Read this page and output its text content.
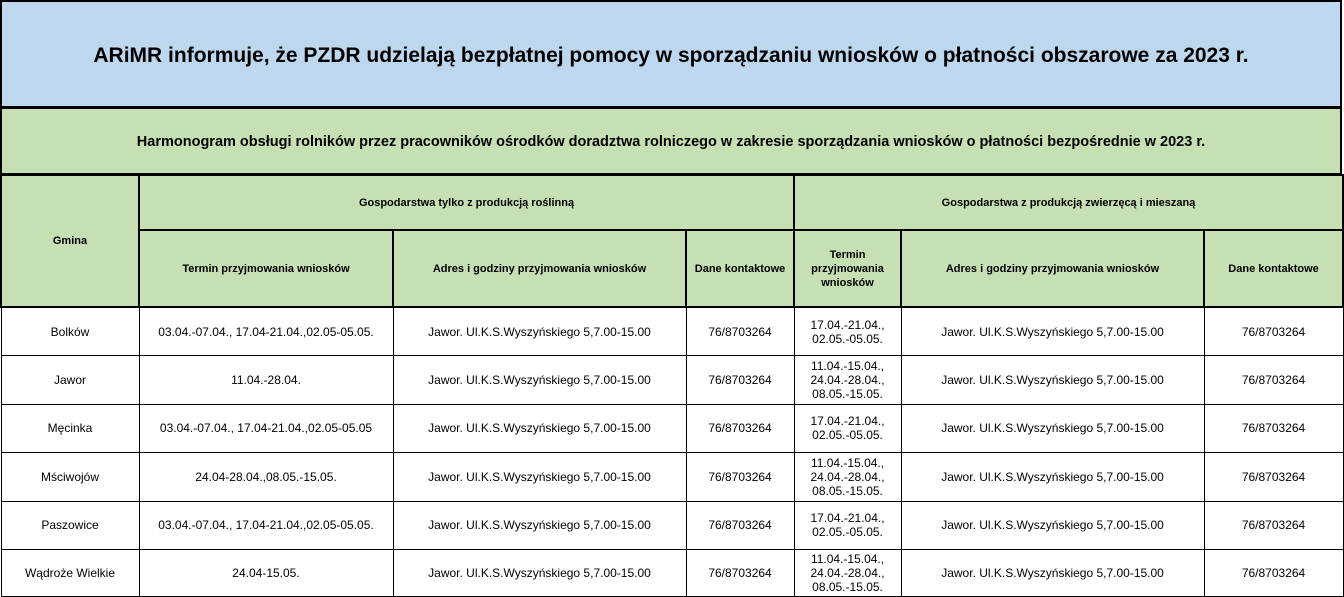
ARiMR informuje, że PZDR udzielają bezpłatnej pomocy w sporządzaniu wniosków o płatności obszarowe za 2023 r.
Harmonogram obsługi rolników przez pracowników ośrodków doradztwa rolniczego w zakresie sporządzania wniosków o płatności bezpośrednie w 2023 r.
Gmina	Gospodarstwa tylko z produkcją roślinną			Gospodarstwa z produkcją zwierzęcą i mieszaną		
	Termin przyjmowania wniosków	Adres i godziny przyjmowania wniosków	Dane kontaktowe	Termin przyjmowania wniosków	Adres i godziny przyjmowania wniosków	Dane kontaktowe
Bolków	03.04.-07.04., 17.04-21.04.,02.05-05.05.	Jawor. Ul.K.S.Wyszyńskiego 5,7.00-15.00	76/8703264	17.04.-21.04., 02.05.-05.05.	Jawor. Ul.K.S.Wyszyńskiego 5,7.00-15.00	76/8703264
Jawor	11.04.-28.04.	Jawor. Ul.K.S.Wyszyńskiego 5,7.00-15.00	76/8703264	11.04.-15.04., 24.04.-28.04., 08.05.-15.05.	Jawor. Ul.K.S.Wyszyńskiego 5,7.00-15.00	76/8703264
Męcinka	03.04.-07.04., 17.04-21.04.,02.05-05.05	Jawor. Ul.K.S.Wyszyńskiego 5,7.00-15.00	76/8703264	17.04.-21.04., 02.05.-05.05.	Jawor. Ul.K.S.Wyszyńskiego 5,7.00-15.00	76/8703264
Mściwojów	24.04-28.04.,08.05.-15.05.	Jawor. Ul.K.S.Wyszyńskiego 5,7.00-15.00	76/8703264	11.04.-15.04., 24.04.-28.04., 08.05.-15.05.	Jawor. Ul.K.S.Wyszyńskiego 5,7.00-15.00	76/8703264
Paszowice	03.04.-07.04., 17.04-21.04.,02.05-05.05.	Jawor. Ul.K.S.Wyszyńskiego 5,7.00-15.00	76/8703264	17.04.-21.04., 02.05.-05.05.	Jawor. Ul.K.S.Wyszyńskiego 5,7.00-15.00	76/8703264
Wądroże Wielkie	24.04-15.05.	Jawor. Ul.K.S.Wyszyńskiego 5,7.00-15.00	76/8703264	11.04.-15.04., 24.04.-28.04., 08.05.-15.05.	Jawor. Ul.K.S.Wyszyńskiego 5,7.00-15.00	76/8703264
